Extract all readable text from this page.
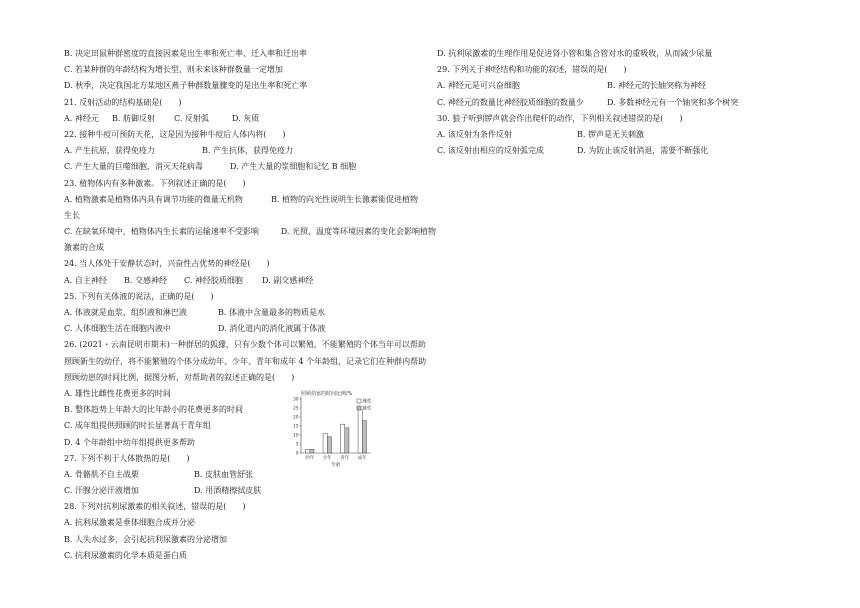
B. 决定田鼠种群密度的直接因素是出生率和死亡率、迁入率和迁出率
C. 若某种群的年龄结构为增长型，则未来该种群数量一定增加
D. 秋季，决定我国北方某地区燕子种群数量骤变的是出生率和死亡率
21. 反射活动的结构基础是(　　)
A. 神经元	B. 肪御反射	C. 反射弧	D. 灰质
22. 接种牛痘可预防天花，这是因为接种牛痘后人体内将(　　)
A. 产生抗原，获得免疫力	B. 产生抗体，获得免疫力
C. 产生大量的巨噬细胞，消灭天花病毒	D. 产生大量的浆细胞和记忆 B 细胞
23. 植物体内有多种激素。下列叙述正确的是(　　)
A. 植物激素是植物体内具有调节功能的微量无机物	B. 植物的向光性说明生长激素能促进植物
生长
C. 在缺氧环境中，植物体内生长素的运输速率不受影响	D. 光照、温度等环境因素的变化会影响植物
激素的合成
24. 当人体处于安静状态时，兴奋性占优势的神经是(　　)
A. 自主神经	B. 交感神经	C. 神经胶质细胞	D. 副交感神经
25. 下列有关体液的说法，正确的是(　　)
A. 体液就是血浆、组织液和淋巴液	B. 体液中含量最多的物质是水
C. 人体细胞生活在细胞内液中	D. 消化道内的消化液属于体液
26. (2021・云南昆明市期末)一种群居的狐獴，只有少数个体可以繁殖，不能繁殖的个体当年可以帮助
照顾新生的幼仔，将不能繁殖的个体分成幼年、少年、青年和成年 4 个年龄组，记录它们在种群内帮助
照顾幼崽的时间比例，据图分析，对帮助者的叙述正确的是(　　)
A. 雄性比雌性花费更多的时间
B. 整体趋势上年龄大的比年龄小的花费更多的时间
C. 成年组提供照顾的时长显著高于青年组
D. 4 个年龄组中幼年组提供更多帮助
照顾幼崽的时间比例/%
0
5
10
15
20
25
30
幼年 少年 青年 成年
年龄
雌性
雄性
27. 下列不利于人体散热的是(　　)
A. 骨骼肌不自主战栗	B. 皮肤血管舒张
C. 汗腺分泌汗液增加	D. 用酒精擦拭皮肤
28. 下列对抗利尿激素的相关叙述，错误的是(　　)
A. 抗利尿激素是垂体细胞合成并分泌
B. 人失水过多，会引起抗利尿激素的分泌增加
C. 抗利尿激素的化学本质是蛋白质
D. 抗利尿激素的生理作用是促进肾小管和集合管对水的重吸收，从而减少尿量
29. 下列关于神经结构和功能的叙述，错误的是(　　)
A. 神经元是可兴奋细胞	B. 神经元的长轴突称为神经
C. 神经元的数量比神经胶质细胞的数量少	D. 多数神经元有一个轴突和多个树突
30. 狼子听到锣声就会作出爬杆的动作，下列相关叙述错误的是(　　)
A. 该反射为条件反射	B. 锣声是无关刺激
C. 该反射由相应的反射弧完成	D. 为防止该反射消退，需要不断强化
